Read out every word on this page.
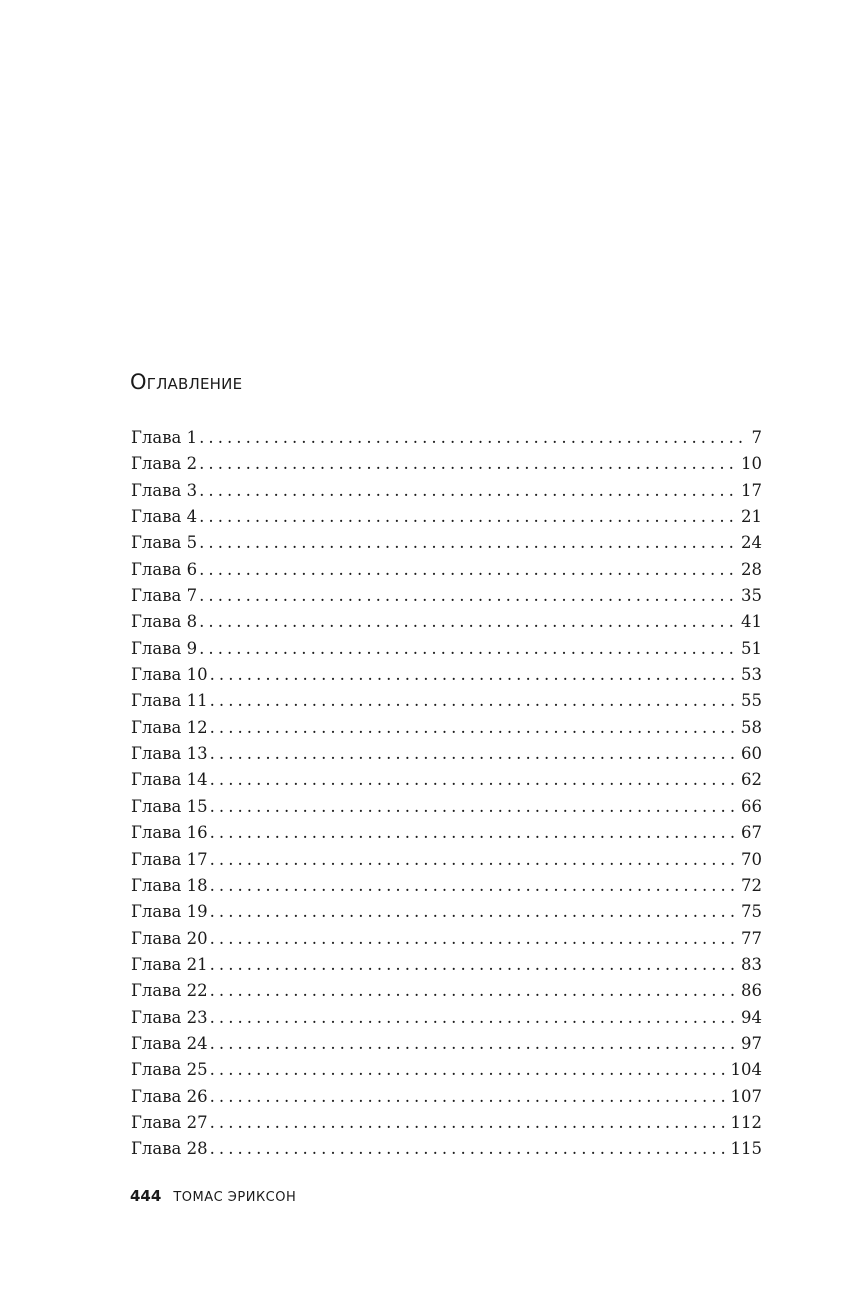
Оглавление
Глава 1 . . .	7
Глава 2 . . .	10
Глава 3 . . .	17
Глава 4 . . .	21
Глава 5 . . .	24
Глава 6 . . .	28
Глава 7 . . .	35
Глава 8 . . .	41
Глава 9 . . .	51
Глава 10 . . .	53
Глава 11 . . .	55
Глава 12 . . .	58
Глава 13 . . .	60
Глава 14 . . .	62
Глава 15 . . .	66
Глава 16 . . .	67
Глава 17 . . .	70
Глава 18 . . .	72
Глава 19 . . .	75
Глава 20 . . .	77
Глава 21 . . .	83
Глава 22 . . .	86
Глава 23 . . .	94
Глава 24 . . .	97
Глава 25 . . .	104
Глава 26 . . .	107
Глава 27 . . .	112
Глава 28 . . .	115
444 ТОМАС ЭРИКСОН
